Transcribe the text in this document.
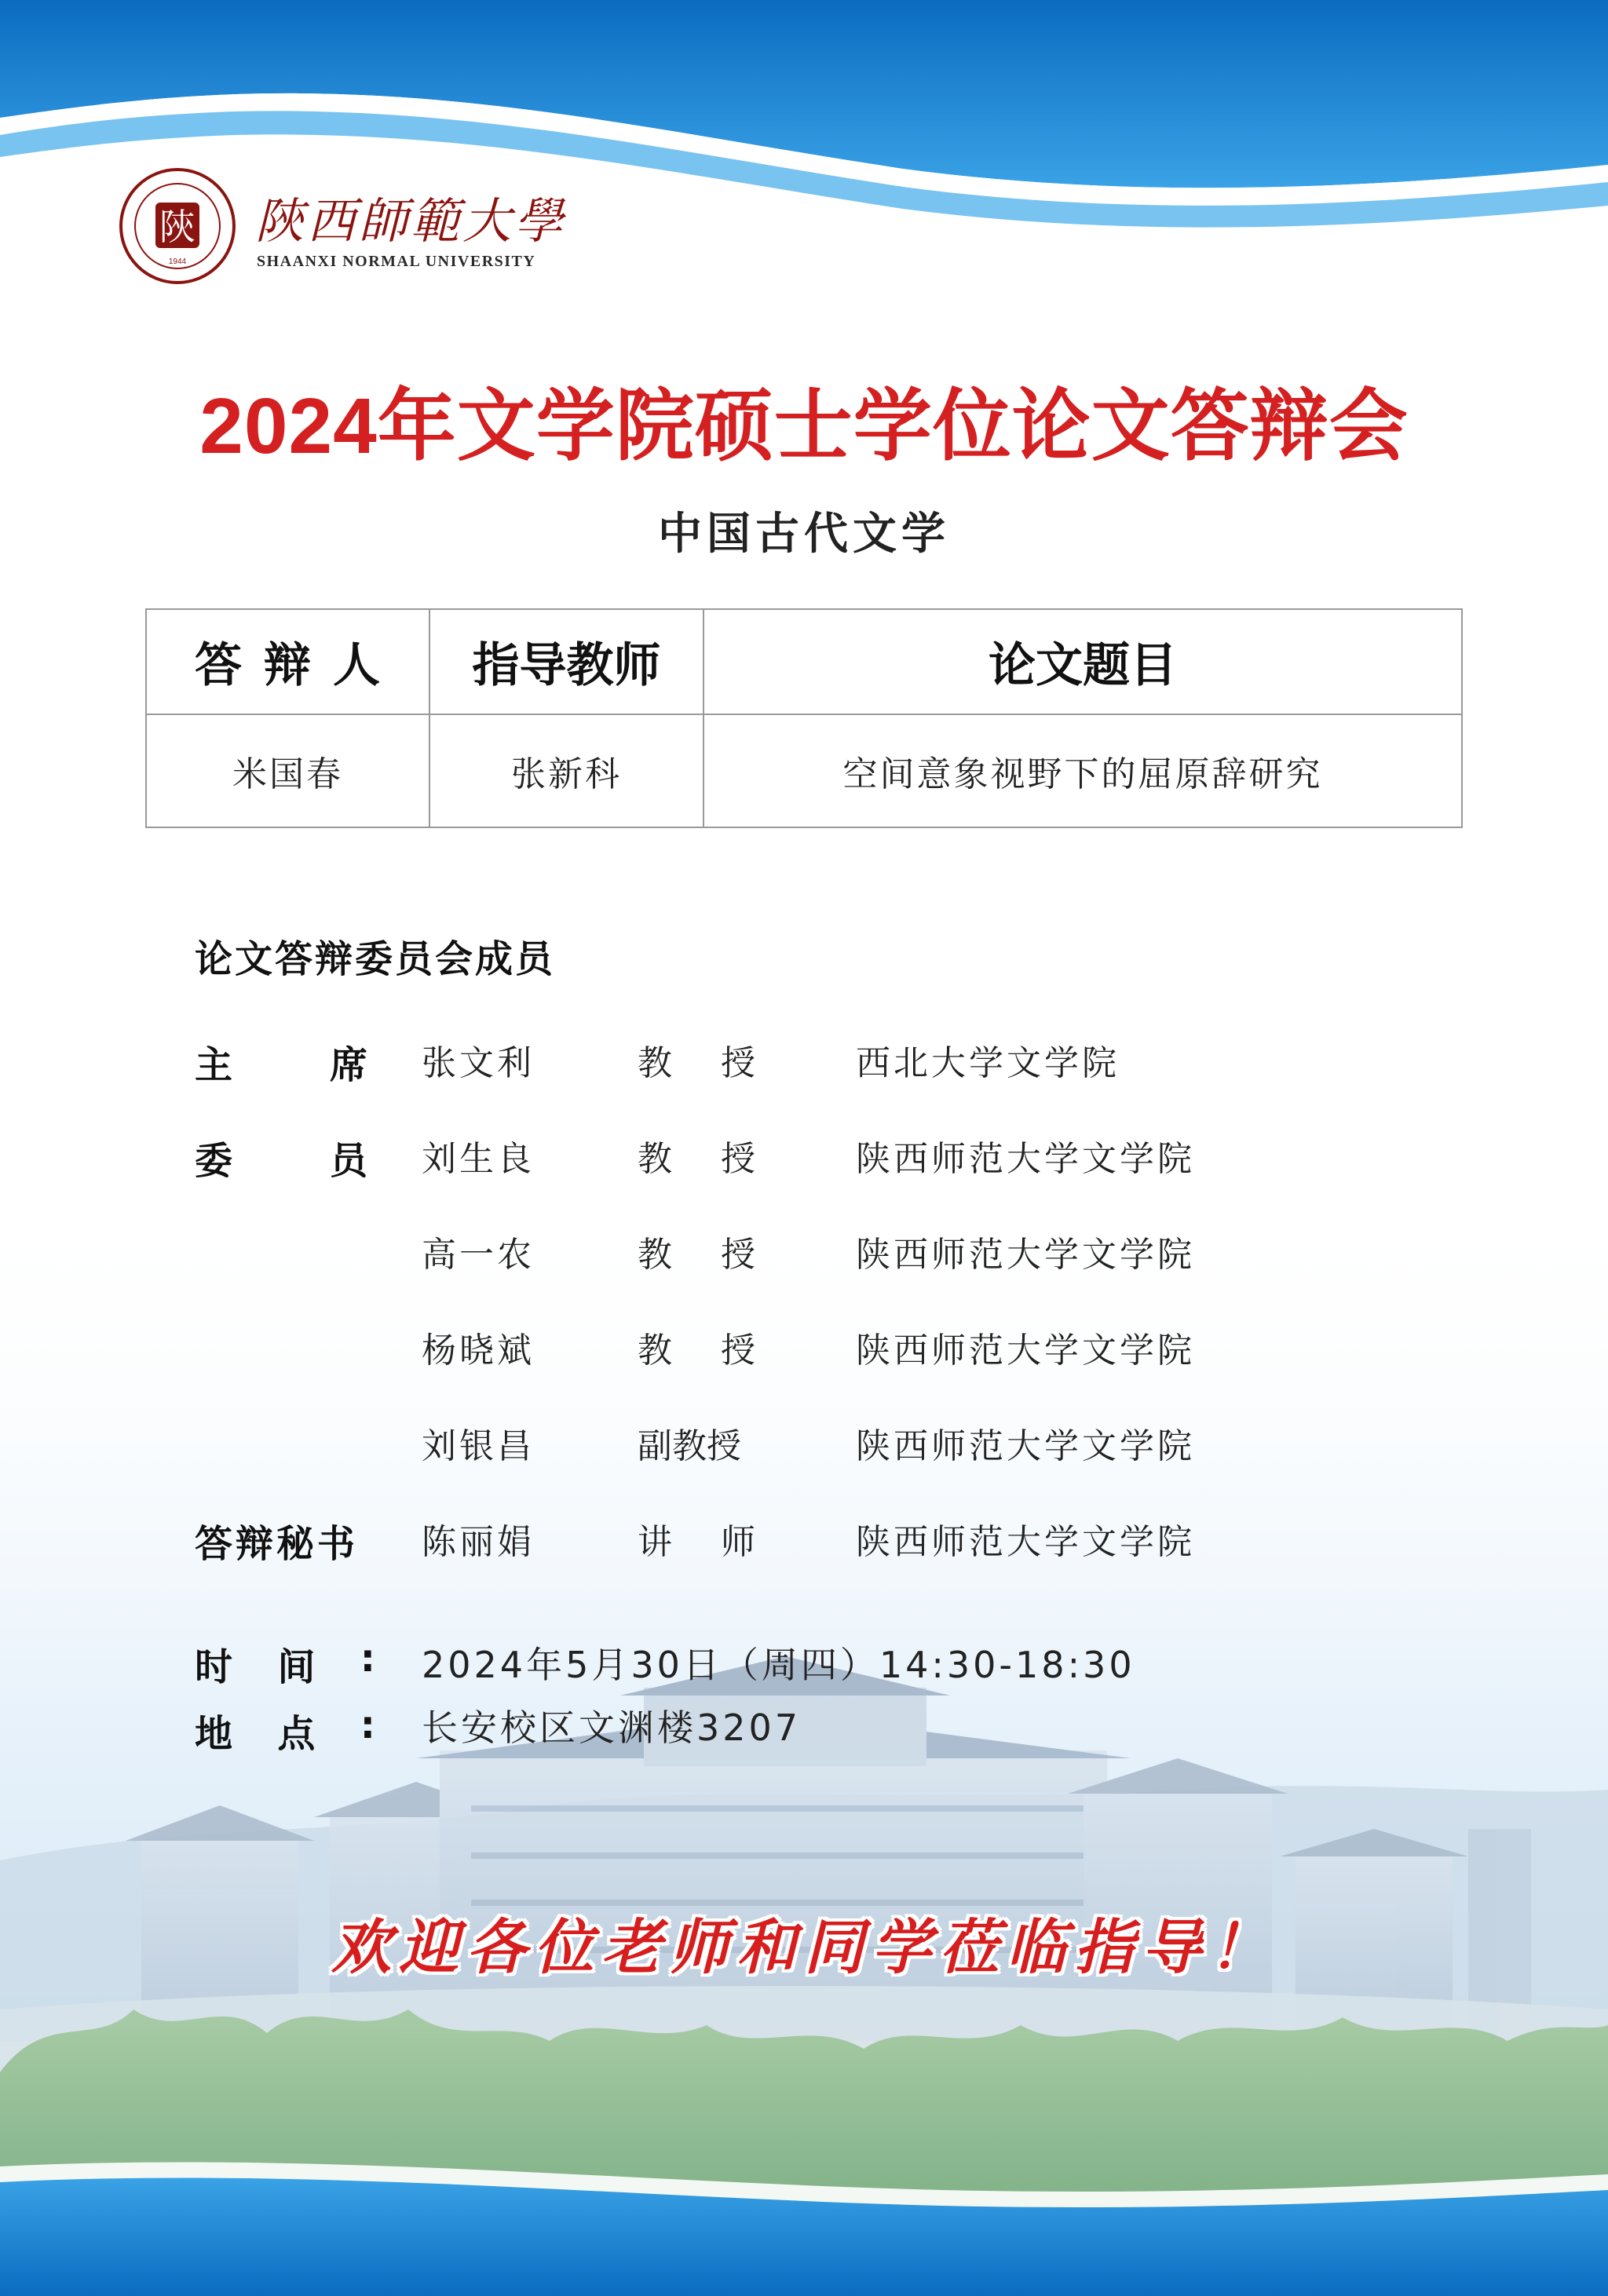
陝
1944
陝西師範大學
SHAANXI NORMAL UNIVERSITY
2024年文学院硕士学位论文答辩会
中国古代文学
答辩人	指导教师	论文题目
米国春	张新科	空间意象视野下的屈原辞研究
论文答辩委员会成员
主	席 张文利	教 授	西北大学文学院
委	员 刘生良	教 授	陕西师范大学文学院
高一农	教 授	陕西师范大学文学院
杨晓斌	教 授	陕西师范大学文学院
刘银昌	副教授	陕西师范大学文学院
答辩秘书 陈丽娟	讲 师	陕西师范大学文学院
时 间 : 2024年5月30日（周四）14:30-18:30
地 点 : 长安校区文渊楼3207
欢迎各位老师和同学莅临指导！
